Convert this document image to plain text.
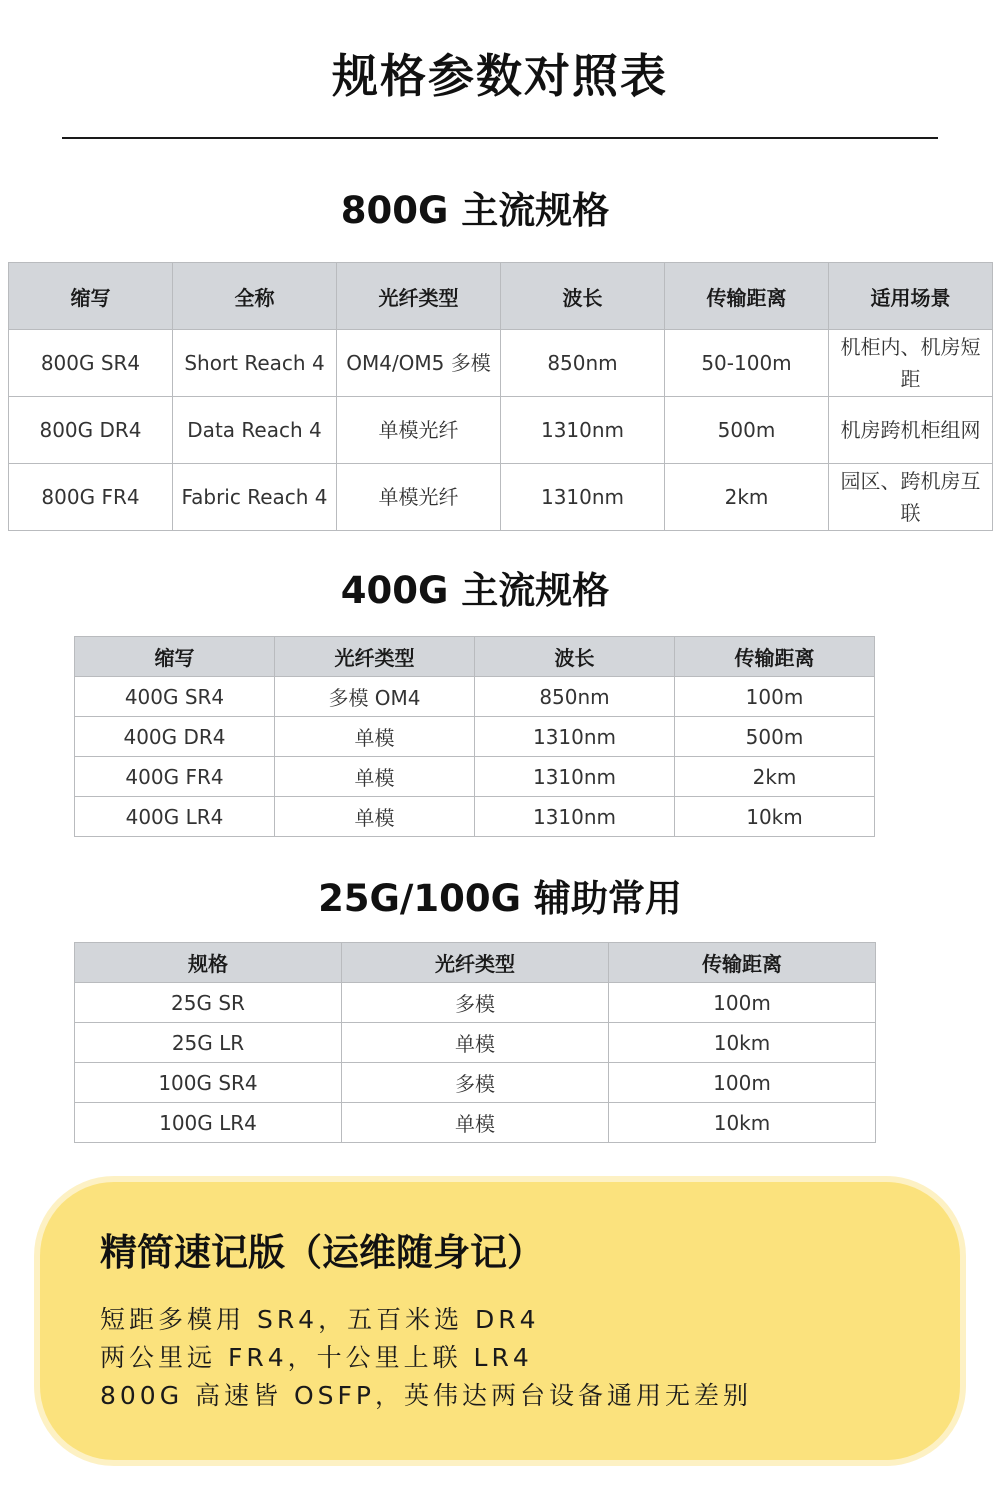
规格参数对照表
800G 主流规格
缩写	全称	光纤类型	波长	传输距离	适用场景
800G SR4	Short Reach 4	OM4/OM5 多模	850nm	50-100m	机柜内、机房短距
800G DR4	Data Reach 4	单模光纤	1310nm	500m	机房跨机柜组网
800G FR4	Fabric Reach 4	单模光纤	1310nm	2km	园区、跨机房互联
400G 主流规格
缩写	光纤类型	波长	传输距离
400G SR4	多模 OM4	850nm	100m
400G DR4	单模	1310nm	500m
400G FR4	单模	1310nm	2km
400G LR4	单模	1310nm	10km
25G/100G 辅助常用
规格	光纤类型	传输距离
25G SR	多模	100m
25G LR	单模	10km
100G SR4	多模	100m
100G LR4	单模	10km
精简速记版（运维随身记）
短距多模用 SR4，五百米选 DR4
两公里远 FR4，十公里上联 LR4
800G 高速皆 OSFP，英伟达两台设备通用无差别
